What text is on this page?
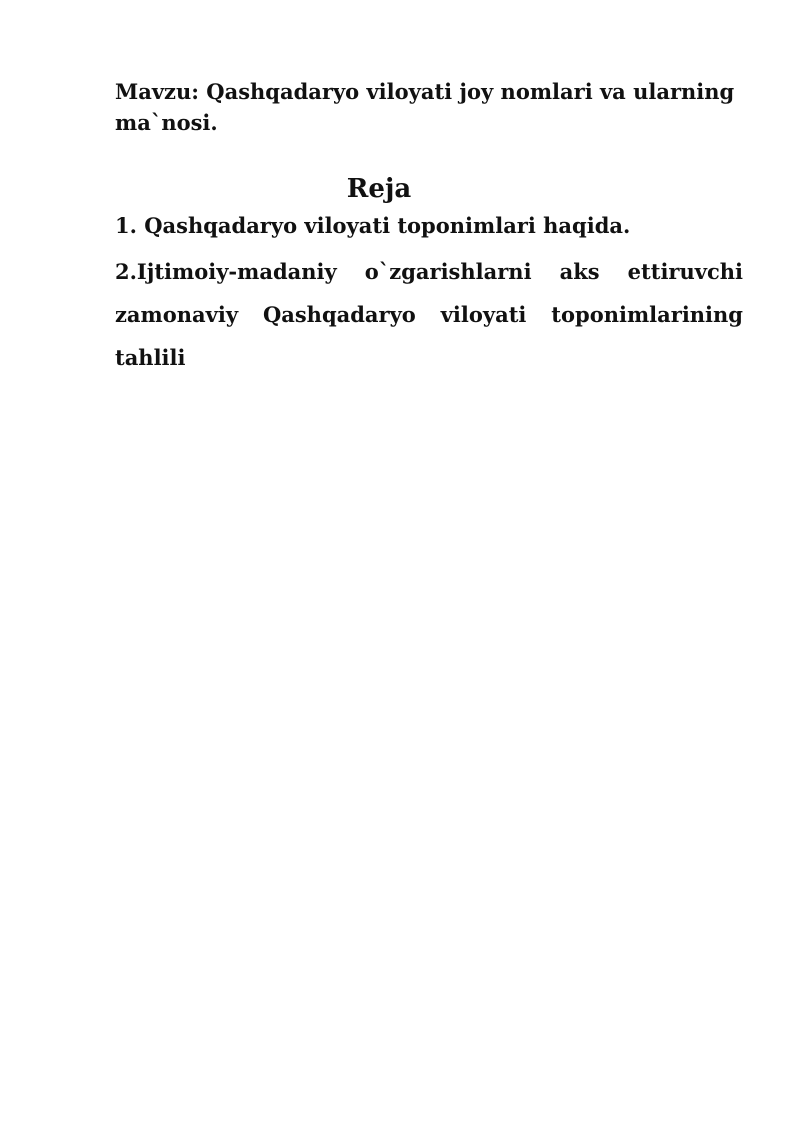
Mavzu: Qashqadaryo viloyati joy nomlari va ularning ma`nosi.

Reja

1. Qashqadaryo viloyati toponimlari haqida.

2.Ijtimoiy-madaniy o`zgarishlarni aks ettiruvchi zamonaviy Qashqadaryo viloyati toponimlarining tahlili
